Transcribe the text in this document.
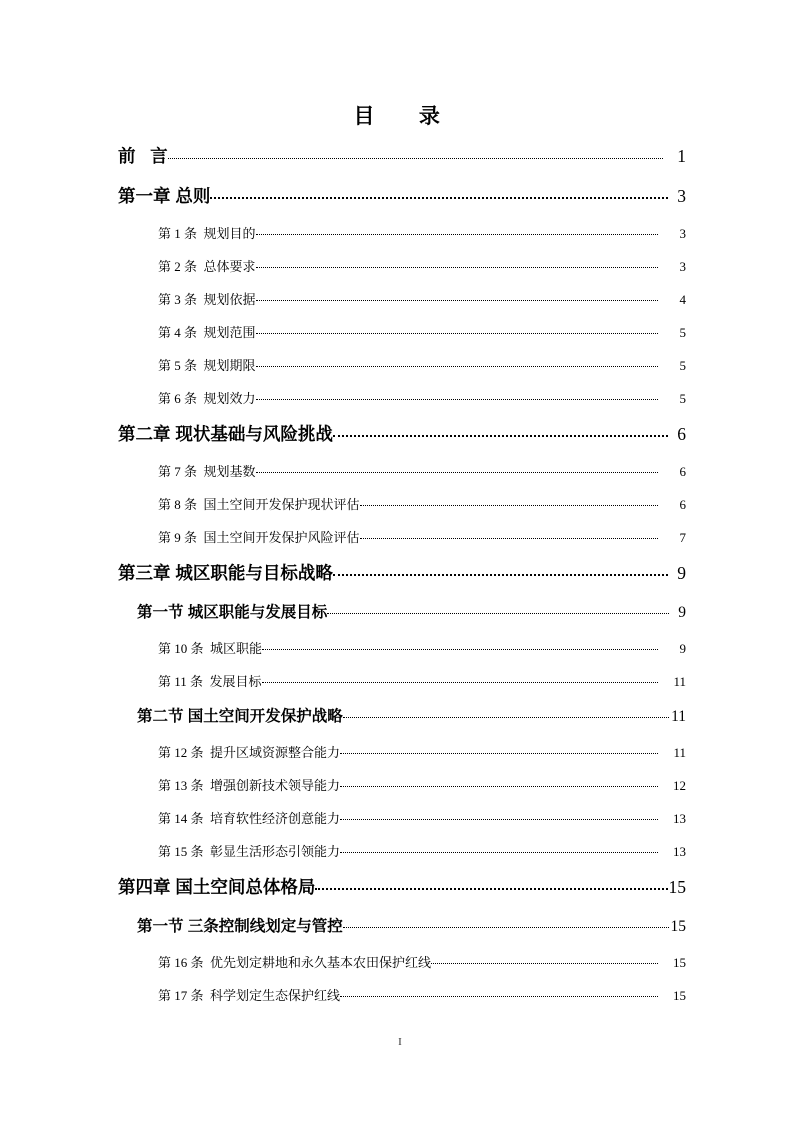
目   录
前   言	1
第一章 总则	3
第 1 条  规划目的	3
第 2 条  总体要求	3
第 3 条  规划依据	4
第 4 条  规划范围	5
第 5 条  规划期限	5
第 6 条  规划效力	5
第二章 现状基础与风险挑战	6
第 7 条  规划基数	6
第 8 条  国土空间开发保护现状评估	6
第 9 条  国土空间开发保护风险评估	7
第三章 城区职能与目标战略	9
第一节 城区职能与发展目标	9
第 10 条  城区职能	9
第 11 条  发展目标	11
第二节 国土空间开发保护战略	11
第 12 条  提升区域资源整合能力	11
第 13 条  增强创新技术领导能力	12
第 14 条  培育软性经济创意能力	13
第 15 条  彰显生活形态引领能力	13
第四章 国土空间总体格局	15
第一节 三条控制线划定与管控	15
第 16 条  优先划定耕地和永久基本农田保护红线	15
第 17 条  科学划定生态保护红线	15
I
